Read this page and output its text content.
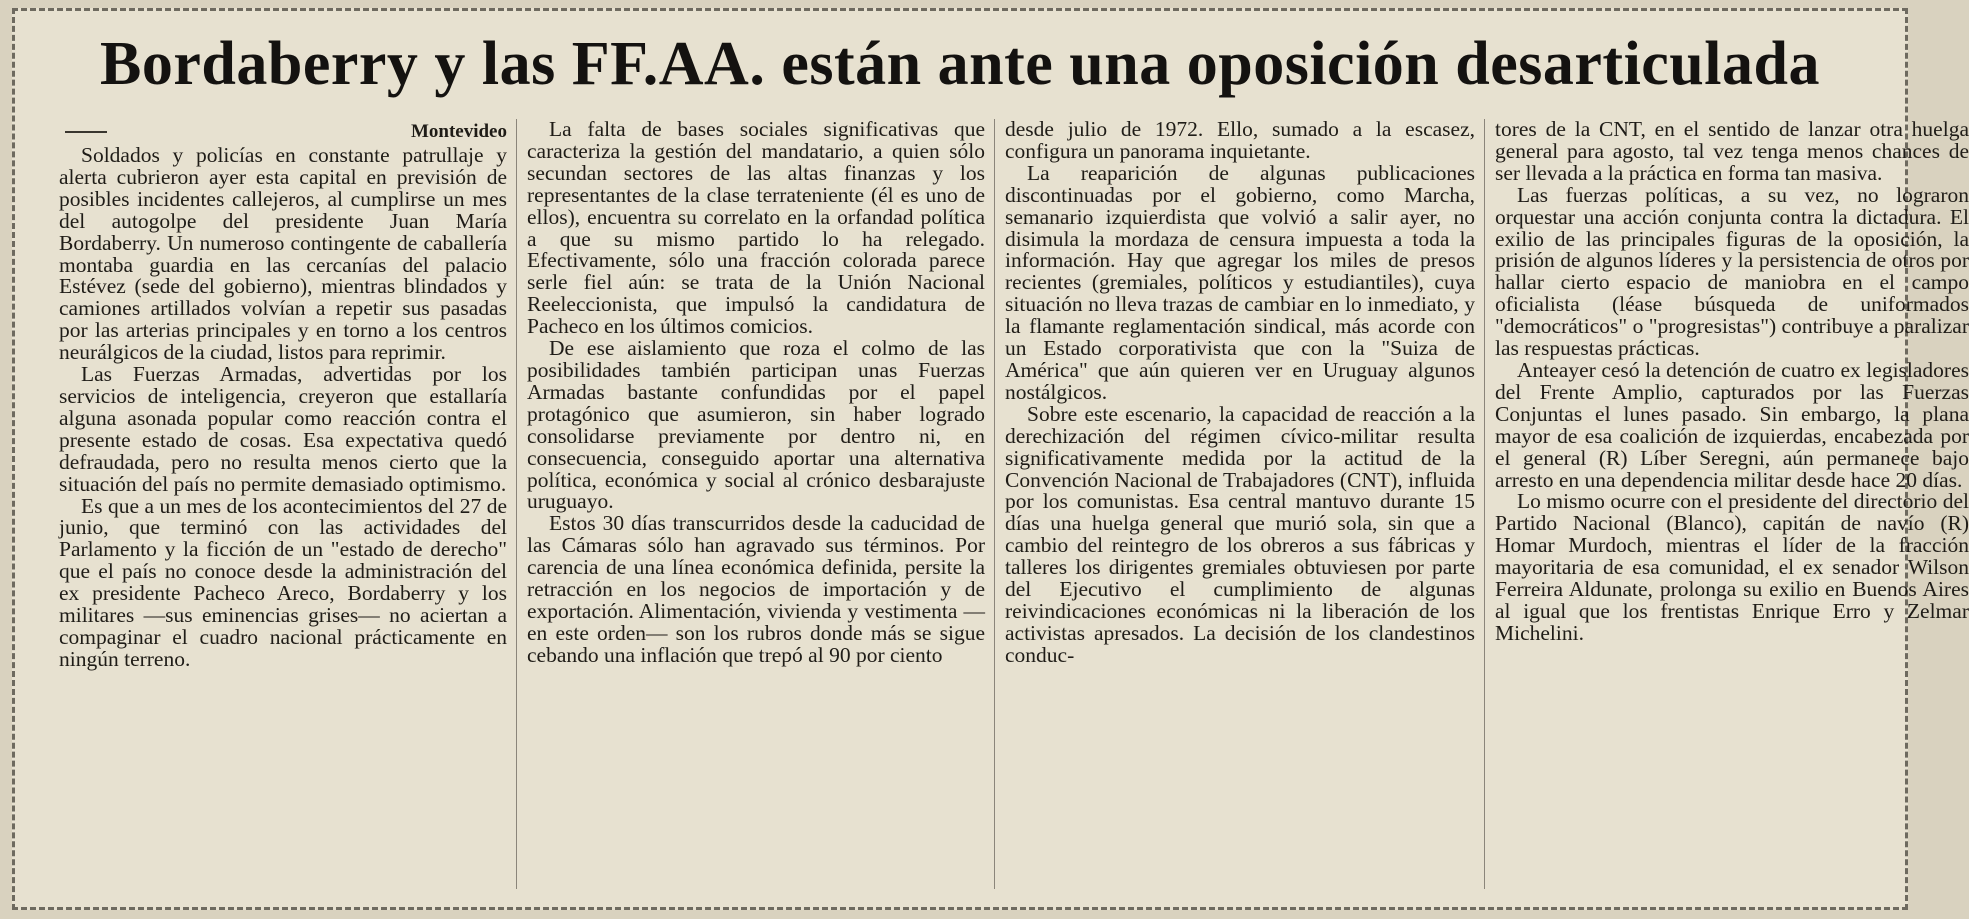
Bordaberry y las FF.AA. están ante una oposición desarticulada
Montevideo

Soldados y policías en constante patrullaje y alerta cubrieron ayer esta capital en previsión de posibles incidentes callejeros, al cumplirse un mes del autogolpe del presidente Juan María Bordaberry. Un numeroso contingente de caballería montaba guardia en las cercanías del palacio Estévez (sede del gobierno), mientras blindados y camiones artillados volvían a repetir sus pasadas por las arterias principales y en torno a los centros neurálgicos de la ciudad, listos para reprimir.

Las Fuerzas Armadas, advertidas por los servicios de inteligencia, creyeron que estallaría alguna asonada popular como reacción contra el presente estado de cosas. Esa expectativa quedó defraudada, pero no resulta menos cierto que la situación del país no permite demasiado optimismo.

Es que a un mes de los acontecimientos del 27 de junio, que terminó con las actividades del Parlamento y la ficción de un "estado de derecho" que el país no conoce desde la administración del ex presidente Pacheco Areco, Bordaberry y los militares —sus eminencias grises— no aciertan a compaginar el cuadro nacional prácticamente en ningún terreno.

La falta de bases sociales significativas que caracteriza la gestión del mandatario, a quien sólo secundan sectores de las altas finanzas y los representantes de la clase terrateniente (él es uno de ellos), encuentra su correlato en la orfandad política a que su mismo partido lo ha relegado. Efectivamente, sólo una fracción colorada parece serle fiel aún: se trata de la Unión Nacional Reeleccionista, que impulsó la candidatura de Pacheco en los últimos comicios.

De ese aislamiento que roza el colmo de las posibilidades también participan unas Fuerzas Armadas bastante confundidas por el papel protagónico que asumieron, sin haber logrado consolidarse previamente por dentro ni, en consecuencia, conseguido aportar una alternativa política, económica y social al crónico desbarajuste uruguayo.

Estos 30 días transcurridos desde la caducidad de las Cámaras sólo han agravado sus términos. Por carencia de una línea económica definida, persite la retracción en los negocios de importación y de exportación. Alimentación, vivienda y vestimenta —en este orden— son los rubros donde más se sigue cebando una inflación que trepó al 90 por ciento

desde julio de 1972. Ello, sumado a la escasez, configura un panorama inquietante.

La reaparición de algunas publicaciones discontinuadas por el gobierno, como Marcha, semanario izquierdista que volvió a salir ayer, no disimula la mordaza de censura impuesta a toda la información. Hay que agregar los miles de presos recientes (gremiales, políticos y estudiantiles), cuya situación no lleva trazas de cambiar en lo inmediato, y la flamante reglamentación sindical, más acorde con un Estado corporativista que con la "Suiza de América" que aún quieren ver en Uruguay algunos nostálgicos.

Sobre este escenario, la capacidad de reacción a la derechización del régimen cívico-militar resulta significativamente medida por la actitud de la Convención Nacional de Trabajadores (CNT), influida por los comunistas. Esa central mantuvo durante 15 días una huelga general que murió sola, sin que a cambio del reintegro de los obreros a sus fábricas y talleres los dirigentes gremiales obtuviesen por parte del Ejecutivo el cumplimiento de algunas reivindicaciones económicas ni la liberación de los activistas apresados. La decisión de los clandestinos conduc-

tores de la CNT, en el sentido de lanzar otra huelga general para agosto, tal vez tenga menos chances de ser llevada a la práctica en forma tan masiva.

Las fuerzas políticas, a su vez, no lograron orquestar una acción conjunta contra la dictadura. El exilio de las principales figuras de la oposición, la prisión de algunos líderes y la persistencia de otros por hallar cierto espacio de maniobra en el campo oficialista (léase búsqueda de uniformados "democráticos" o "progresistas") contribuye a paralizar las respuestas prácticas.

Anteayer cesó la detención de cuatro ex legisladores del Frente Amplio, capturados por las Fuerzas Conjuntas el lunes pasado. Sin embargo, la plana mayor de esa coalición de izquierdas, encabezada por el general (R) Líber Seregni, aún permanece bajo arresto en una dependencia militar desde hace 20 días.

Lo mismo ocurre con el presidente del directorio del Partido Nacional (Blanco), capitán de navío (R) Homar Murdoch, mientras el líder de la fracción mayoritaria de esa comunidad, el ex senador Wilson Ferreira Aldunate, prolonga su exilio en Buenos Aires al igual que los frentistas Enrique Erro y Zelmar Michelini.
